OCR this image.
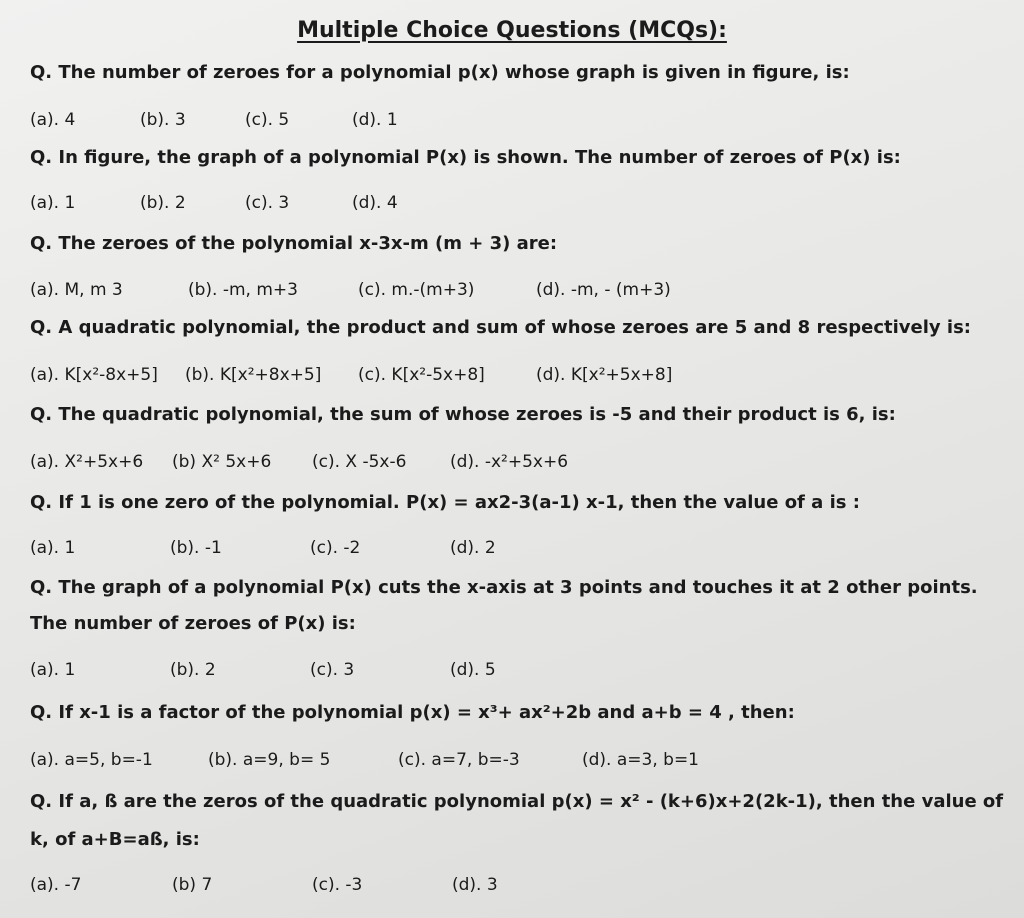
Multiple Choice Questions (MCQs):
Q. The number of zeroes for a polynomial p(x) whose graph is given in figure, is:
(a). 4	(b). 3	(c). 5	(d). 1
Q. In figure, the graph of a polynomial P(x) is shown. The number of zeroes of P(x) is:
(a). 1	(b). 2	(c). 3	(d). 4
Q. The zeroes of the polynomial x-3x-m (m + 3) are:
(a). M, m 3	(b). -m, m+3	(c). m.-(m+3)	(d). -m, - (m+3)
Q. A quadratic polynomial, the product and sum of whose zeroes are 5 and 8 respectively is:
(a). K[x²-8x+5] (b). K[x²+8x+5] (c). K[x²-5x+8]	(d). K[x²+5x+8]
Q. The quadratic polynomial, the sum of whose zeroes is -5 and their product is 6, is:
(a). X²+5x+6 (b) X² 5x+6 (c). X -5x-6	(d). -x²+5x+6
Q. If 1 is one zero of the polynomial. P(x) = ax2-3(a-1) x-1, then the value of a is :
(a). 1	(b). -1	(c). -2	(d). 2
Q. The graph of a polynomial P(x) cuts the x-axis at 3 points and touches it at 2 other points. The number of zeroes of P(x) is:
(a). 1	(b). 2	(c). 3	(d). 5
Q. If x-1 is a factor of the polynomial p(x) = x³+ ax²+2b and a+b = 4 , then:
(a). a=5, b=-1	(b). a=9, b= 5	(c). a=7, b=-3	(d). a=3, b=1
Q. If a, ß are the zeros of the quadratic polynomial p(x) = x² - (k+6)x+2(2k-1), then the value of k, of a+B=aß, is:
(a). -7	(b) 7	(c). -3	(d). 3
